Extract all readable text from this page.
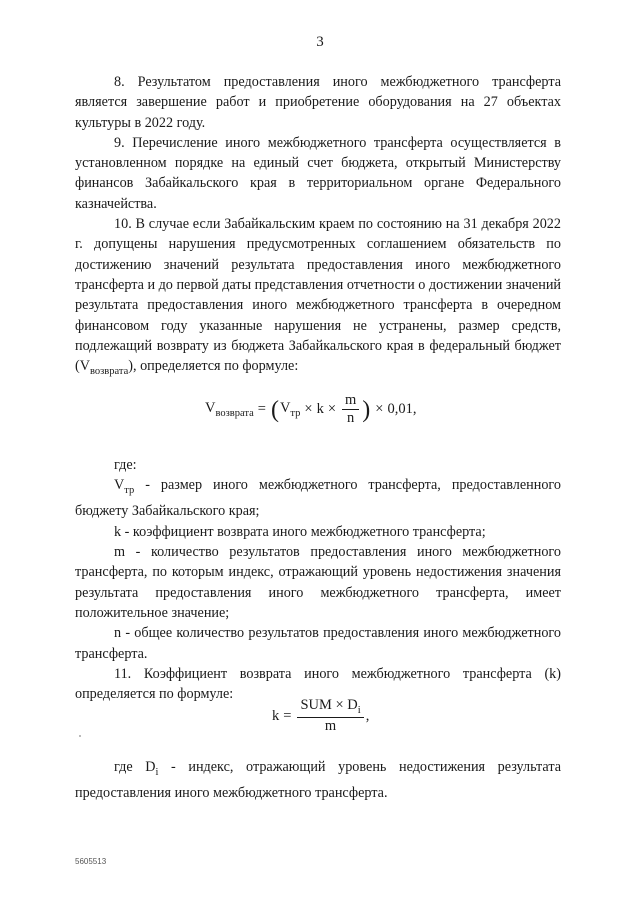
3

8. Результатом предоставления иного межбюджетного трансферта является завершение работ и приобретение оборудования на 27 объектах культуры в 2022 году.

9. Перечисление иного межбюджетного трансферта осуществляется в установленном порядке на единый счет бюджета, открытый Министерству финансов Забайкальского края в территориальном органе Федерального казначейства.

10. В случае если Забайкальским краем по состоянию на 31 декабря 2022 г. допущены нарушения предусмотренных соглашением обязательств по достижению значений результата предоставления иного межбюджетного трансферта и до первой даты представления отчетности о достижении значений результата предоставления иного межбюджетного трансферта в очередном финансовом году указанные нарушения не устранены, размер средств, подлежащий возврату из бюджета Забайкальского края в федеральный бюджет $(V_{возврата})$, определяется по формуле:

$V_{возврата}$ = ( $V_{тр} \times k \times \frac{m}{n}$ ) × 0,01,

где:

$V_{тр}$ - размер иного межбюджетного трансферта, предоставленного бюджету Забайкальского края;

k - коэффициент возврата иного межбюджетного трансферта;

m - количество результатов предоставления иного межбюджетного трансферта, по которым индекс, отражающий уровень недостижения значения результата предоставления иного межбюджетного трансферта, имеет положительное значение;

n - общее количество результатов предоставления иного межбюджетного трансферта.

11. Коэффициент возврата иного межбюджетного трансферта (k) определяется по формуле:

$k = \frac{SUM \times D_i}{m}$ ,

где $D_i$ - индекс, отражающий уровень недостижения результата предоставления иного межбюджетного трансферта.

5605513
